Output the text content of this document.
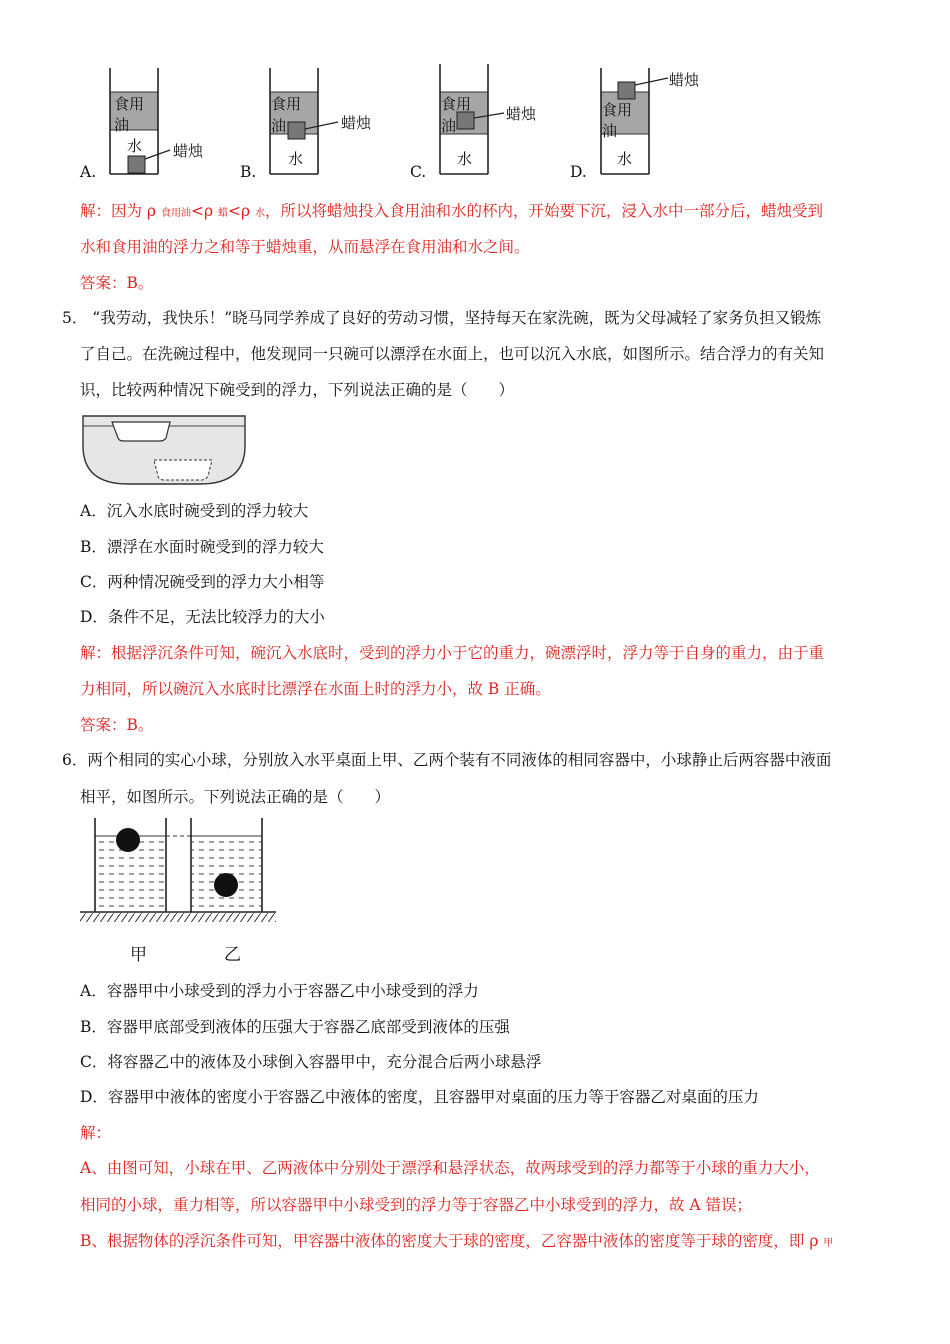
食用
油
水 蜡烛
A.
食用
油
水
蜡烛
B.
食用
油
水
蜡烛
C.
食用
油
水
蜡烛
D.
解：因为 ρ 食用油<ρ 蜡<ρ 水，所以将蜡烛投入食用油和水的杯内，开始要下沉，浸入水中一部分后，蜡烛受到
水和食用油的浮力之和等于蜡烛重，从而悬浮在食用油和水之间。
答案：B。
5． “我劳动，我快乐！”晓马同学养成了良好的劳动习惯，坚持每天在家洗碗，既为父母减轻了家务负担又锻炼
了自己。在洗碗过程中，他发现同一只碗可以漂浮在水面上，也可以沉入水底，如图所示。结合浮力的有关知
识，比较两种情况下碗受到的浮力，下列说法正确的是（　　）
A．沉入水底时碗受到的浮力较大
B．漂浮在水面时碗受到的浮力较大
C．两种情况碗受到的浮力大小相等
D．条件不足，无法比较浮力的大小
解：根据浮沉条件可知，碗沉入水底时，受到的浮力小于它的重力，碗漂浮时，浮力等于自身的重力，由于重
力相同，所以碗沉入水底时比漂浮在水面上时的浮力小，故 B 正确。
答案：B。
6．两个相同的实心小球，分别放入水平桌面上甲、乙两个装有不同液体的相同容器中，小球静止后两容器中液面
相平，如图所示。下列说法正确的是（　　）
甲	乙
A．容器甲中小球受到的浮力小于容器乙中小球受到的浮力
B．容器甲底部受到液体的压强大于容器乙底部受到液体的压强
C．将容器乙中的液体及小球倒入容器甲中，充分混合后两小球悬浮
D．容器甲中液体的密度小于容器乙中液体的密度，且容器甲对桌面的压力等于容器乙对桌面的压力
解：
A、由图可知，小球在甲、乙两液体中分别处于漂浮和悬浮状态，故两球受到的浮力都等于小球的重力大小，
相同的小球，重力相等，所以容器甲中小球受到的浮力等于容器乙中小球受到的浮力，故 A 错误；
B、根据物体的浮沉条件可知，甲容器中液体的密度大于球的密度，乙容器中液体的密度等于球的密度，即 ρ 甲
